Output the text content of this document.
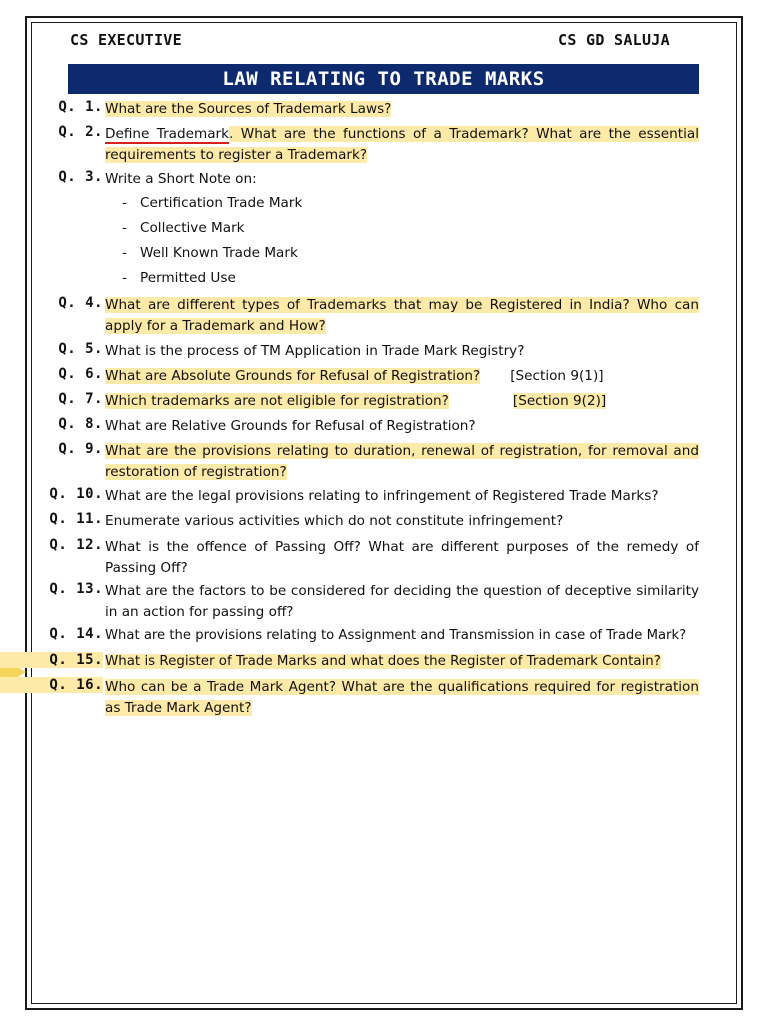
CS EXECUTIVE	CS GD SALUJA
LAW RELATING TO TRADE MARKS
Q. 1. What are the Sources of Trademark Laws?
Q. 2. Define Trademark. What are the functions of a Trademark? What are the essential requirements to register a Trademark?
Q. 3. Write a Short Note on:
- Certification Trade Mark
- Collective Mark
- Well Known Trade Mark
- Permitted Use
Q. 4. What are different types of Trademarks that may be Registered in India? Who can apply for a Trademark and How?
Q. 5. What is the process of TM Application in Trade Mark Registry?
Q. 6. What are Absolute Grounds for Refusal of Registration? [Section 9(1)]
Q. 7. Which trademarks are not eligible for registration?	[Section 9(2)]
Q. 8. What are Relative Grounds for Refusal of Registration?
Q. 9. What are the provisions relating to duration, renewal of registration, for removal and restoration of registration?
Q. 10. What are the legal provisions relating to infringement of Registered Trade Marks?
Q. 11. Enumerate various activities which do not constitute infringement?
Q. 12. What is the offence of Passing Off? What are different purposes of the remedy of Passing Off?
Q. 13. What are the factors to be considered for deciding the question of deceptive similarity in an action for passing off?
Q. 14. What are the provisions relating to Assignment and Transmission in case of Trade Mark?
Q. 15. What is Register of Trade Marks and what does the Register of Trademark Contain?
Q. 16. Who can be a Trade Mark Agent? What are the qualifications required for registration as Trade Mark Agent?
